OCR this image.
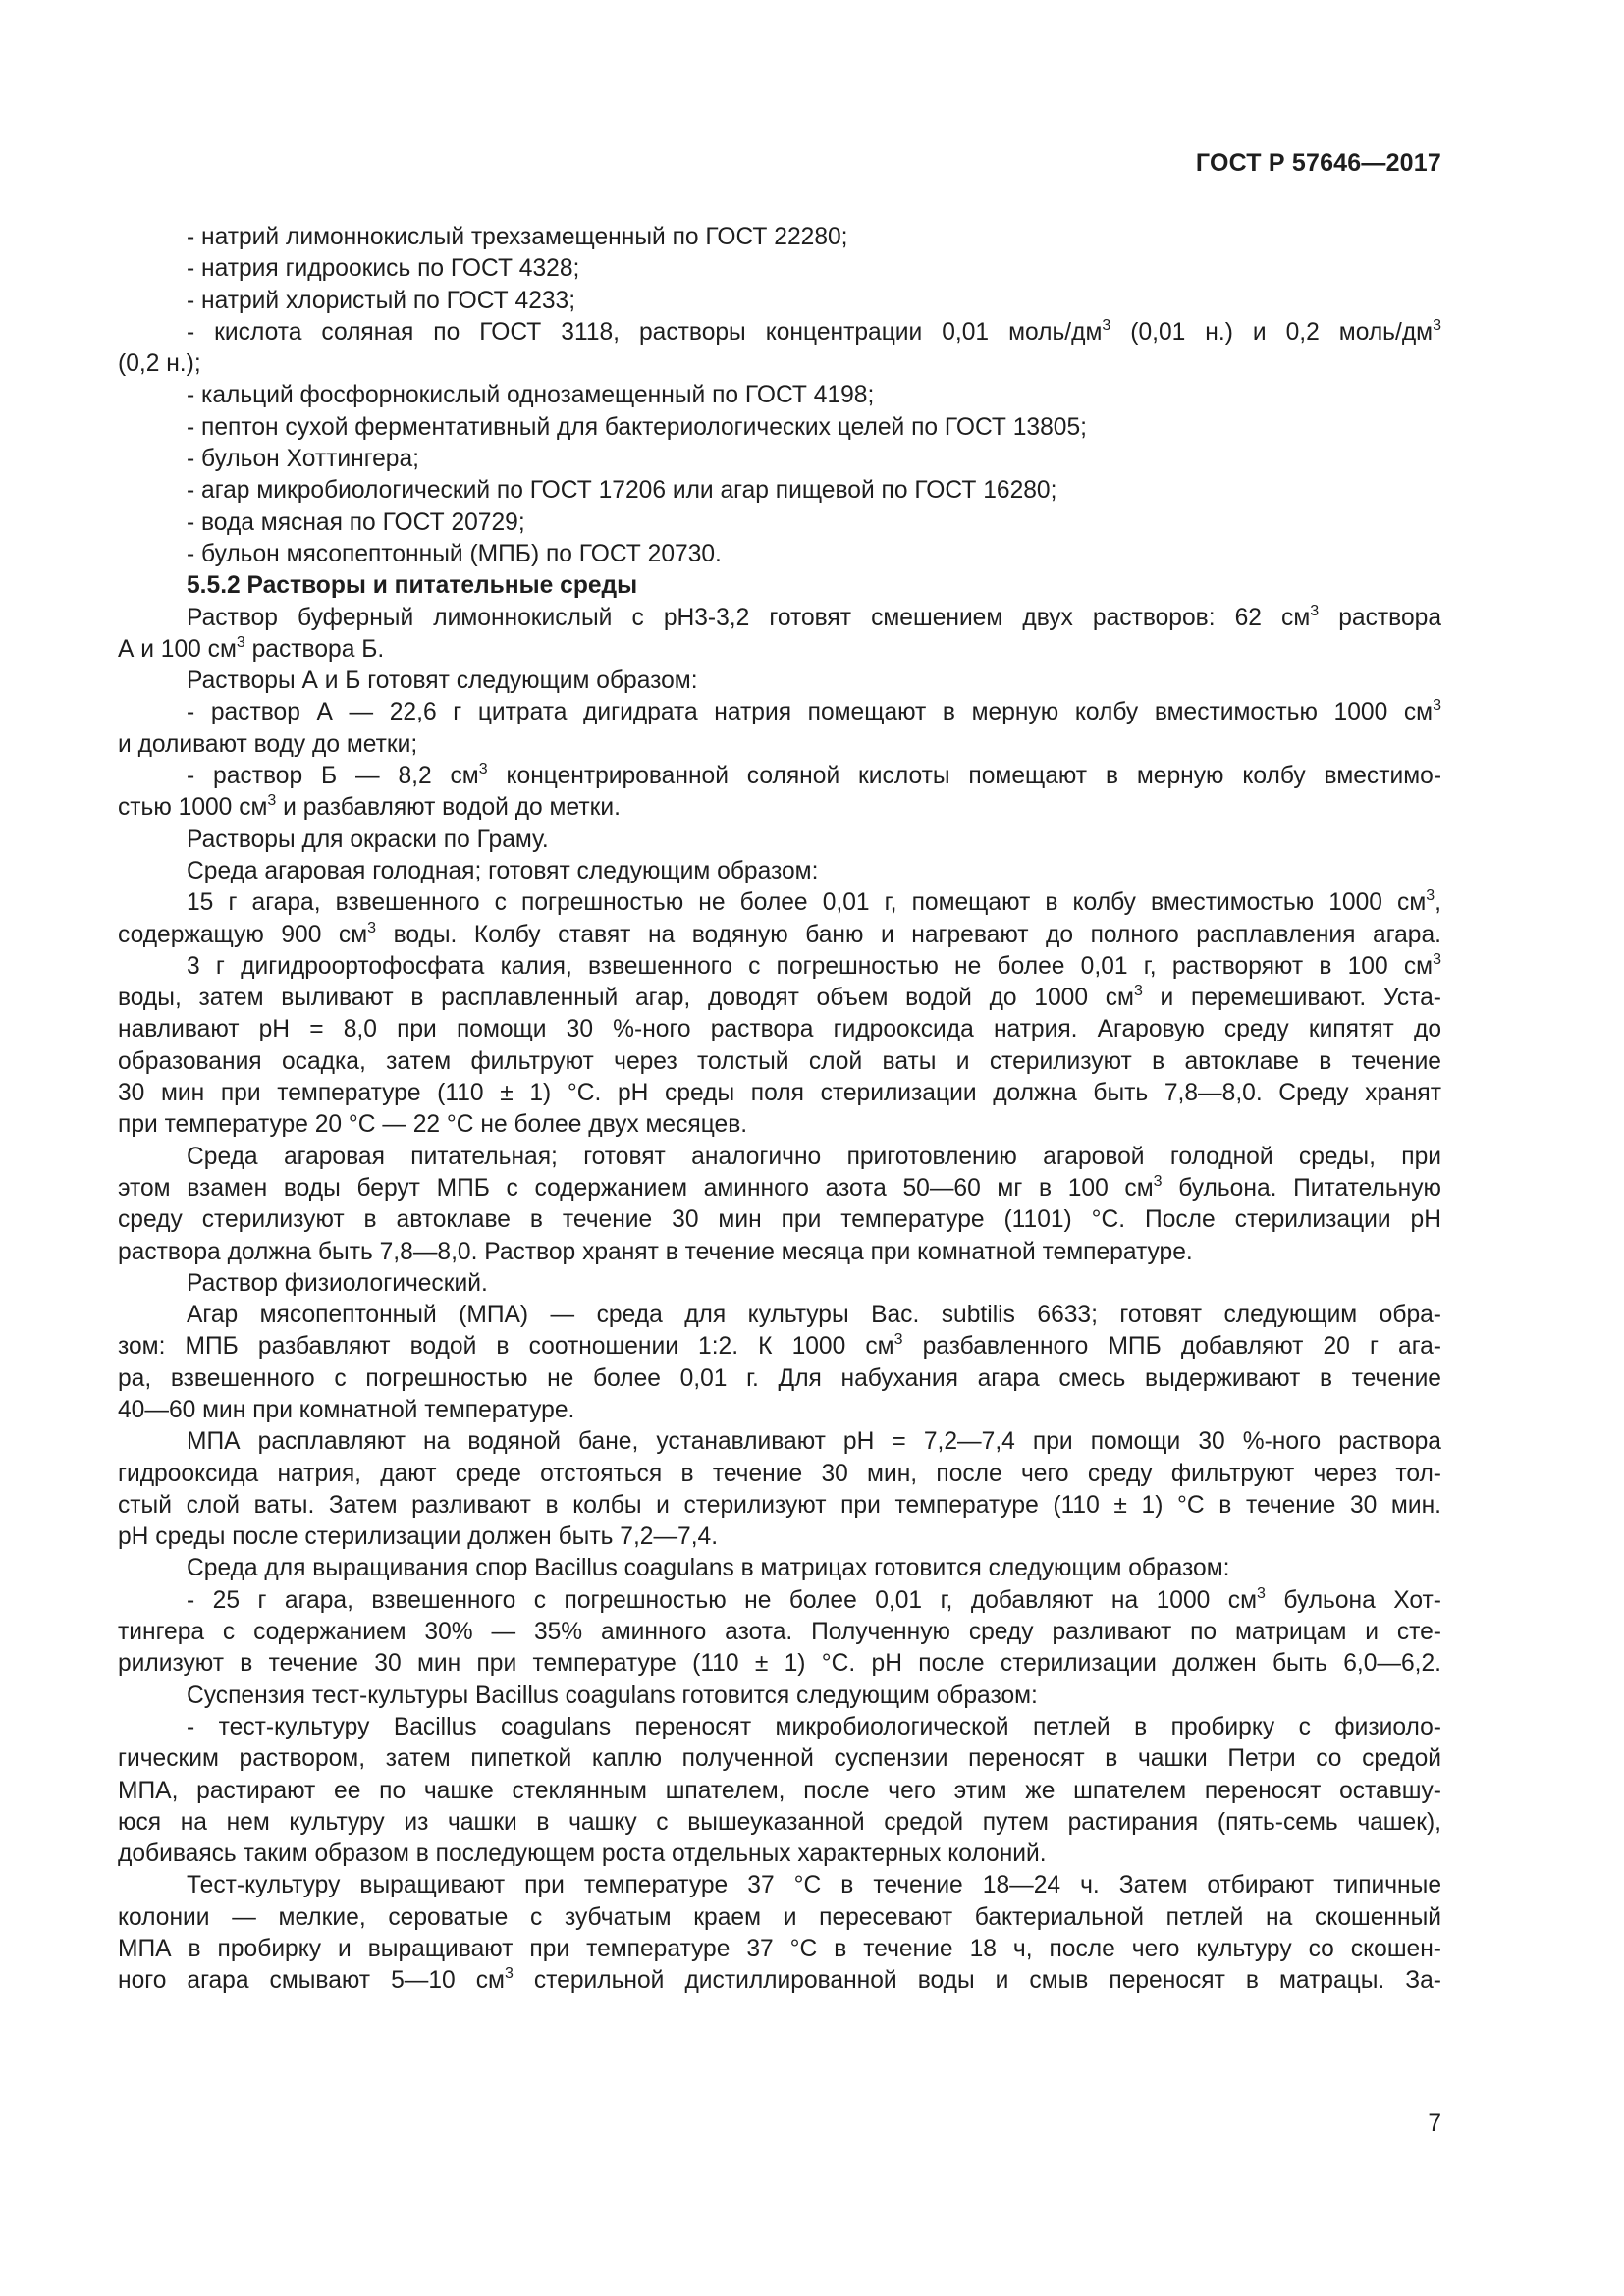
ГОСТ Р 57646—2017
- натрий лимоннокислый трехзамещенный по ГОСТ 22280;
- натрия гидроокись по ГОСТ 4328;
- натрий хлористый по ГОСТ 4233;
- кислота соляная по ГОСТ 3118, растворы концентрации 0,01 моль/$дм^3$ (0,01 н.) и 0,2 моль/$дм^3$
(0,2 н.);
- кальций фосфорнокислый однозамещенный по ГОСТ 4198;
- пептон сухой ферментативный для бактериологических целей по ГОСТ 13805;
- бульон Хоттингера;
- агар микробиологический по ГОСТ 17206 или агар пищевой по ГОСТ 16280;
- вода мясная по ГОСТ 20729;
- бульон мясопептонный (МПБ) по ГОСТ 20730.
5.5.2 Растворы и питательные среды
Раствор буферный лимоннокислый с рН3-3,2 готовят смешением двух растворов: 62 $см^3$ раствора
А и 100 $см^3$ раствора Б.
Растворы А и Б готовят следующим образом:
- раствор А — 22,6 г цитрата дигидрата натрия помещают в мерную колбу вместимостью 1000 $см^3$
и доливают воду до метки;
- раствор Б — 8,2 $см^3$ концентрированной соляной кислоты помещают в мерную колбу вместимо-
стью 1000 $см^3$ и разбавляют водой до метки.
Растворы для окраски по Граму.
Среда агаровая голодная; готовят следующим образом:
15 г агара, взвешенного с погрешностью не более 0,01 г, помещают в колбу вместимостью 1000 $см^3$,
содержащую 900 $см^3$ воды. Колбу ставят на водяную баню и нагревают до полного расплавления агара.
3 г дигидроортофосфата калия, взвешенного с погрешностью не более 0,01 г, растворяют в 100 $см^3$
воды, затем выливают в расплавленный агар, доводят объем водой до 1000 $см^3$ и перемешивают. Уста-
навливают рН = 8,0 при помощи 30 %-ного раствора гидрооксида натрия. Агаровую среду кипятят до
образования осадка, затем фильтруют через толстый слой ваты и стерилизуют в автоклаве в течение
30 мин при температуре (110 ± 1) °С. рН среды поля стерилизации должна быть 7,8—8,0. Среду хранят
при температуре 20 °С — 22 °С не более двух месяцев.
Среда агаровая питательная; готовят аналогично приготовлению агаровой голодной среды, при
этом взамен воды берут МПБ с содержанием аминного азота 50—60 мг в 100 $см^3$ бульона. Питательную
среду стерилизуют в автоклаве в течение 30 мин при температуре (1101) °С. После стерилизации рН
раствора должна быть 7,8—8,0. Раствор хранят в течение месяца при комнатной температуре.
Раствор физиологический.
Агар мясопептонный (МПА) — среда для культуры Bac. subtilis 6633; готовят следующим обра-
зом: МПБ разбавляют водой в соотношении 1:2. К 1000 $см^3$ разбавленного МПБ добавляют 20 г ага-
ра, взвешенного с погрешностью не более 0,01 г. Для набухания агара смесь выдерживают в течение
40—60 мин при комнатной температуре.
МПА расплавляют на водяной бане, устанавливают рН = 7,2—7,4 при помощи 30 %-ного раствора
гидрооксида натрия, дают среде отстояться в течение 30 мин, после чего среду фильтруют через тол-
стый слой ваты. Затем разливают в колбы и стерилизуют при температуре (110 ± 1) °С в течение 30 мин.
рН среды после стерилизации должен быть 7,2—7,4.
Среда для выращивания спор Bacillus coagulans в матрицах готовится следующим образом:
- 25 г агара, взвешенного с погрешностью не более 0,01 г, добавляют на 1000 $см^3$ бульона Хот-
тингера с содержанием 30% — 35% аминного азота. Полученную среду разливают по матрицам и сте-
рилизуют в течение 30 мин при температуре (110 ± 1) °С. рН после стерилизации должен быть 6,0—6,2.
Суспензия тест-культуры Bacillus coagulans готовится следующим образом:
- тест-культуру Bacillus coagulans переносят микробиологической петлей в пробирку с физиоло-
гическим раствором, затем пипеткой каплю полученной суспензии переносят в чашки Петри со средой
МПА, растирают ее по чашке стеклянным шпателем, после чего этим же шпателем переносят оставшу-
юся на нем культуру из чашки в чашку с вышеуказанной средой путем растирания (пять-семь чашек),
добиваясь таким образом в последующем роста отдельных характерных колоний.
Тест-культуру выращивают при температуре 37 °С в течение 18—24 ч. Затем отбирают типичные
колонии — мелкие, сероватые с зубчатым краем и пересевают бактериальной петлей на скошенный
МПА в пробирку и выращивают при температуре 37 °С в течение 18 ч, после чего культуру со скошен-
ного агара смывают 5—10 $см^3$ стерильной дистиллированной воды и смыв переносят в матрацы. За-
7
